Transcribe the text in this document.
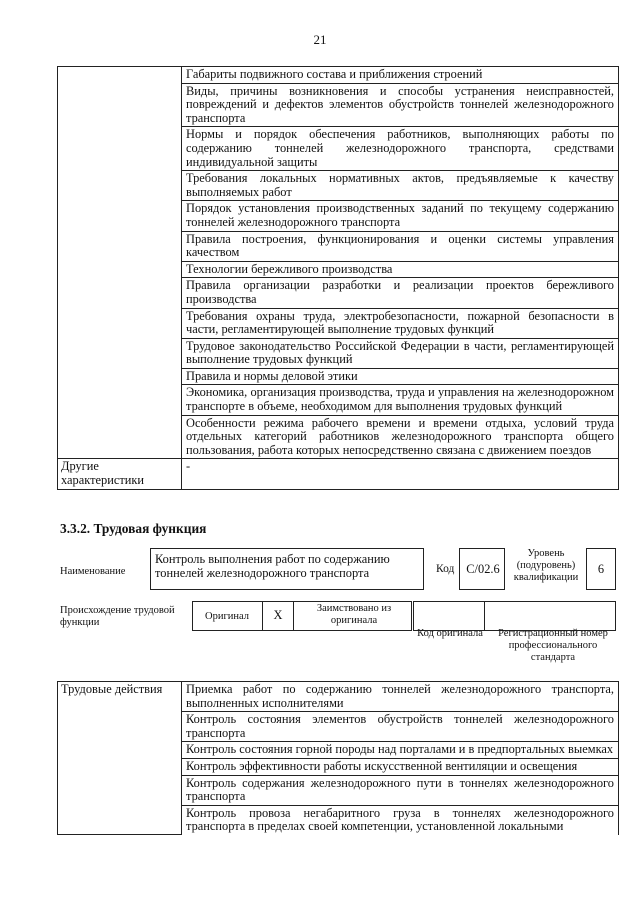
21
	Габариты подвижного состава и приближения строений
	Виды, причины возникновения и способы устранения неисправностей, повреждений и дефектов элементов обустройств тоннелей железнодорожного транспорта
	Нормы и порядок обеспечения работников, выполняющих работы по содержанию тоннелей железнодорожного транспорта, средствами индивидуальной защиты
	Требования локальных нормативных актов, предъявляемые к качеству выполняемых работ
	Порядок установления производственных заданий по текущему содержанию тоннелей железнодорожного транспорта
	Правила построения, функционирования и оценки системы управления качеством
	Технологии бережливого производства
	Правила организации разработки и реализации проектов бережливого производства
	Требования охраны труда, электробезопасности, пожарной безопасности в части, регламентирующей выполнение трудовых функций
	Трудовое законодательство Российской Федерации в части, регламентирующей выполнение трудовых функций
	Правила и нормы деловой этики
	Экономика, организация производства, труда и управления на железнодорожном транспорте в объеме, необходимом для выполнения трудовых функций
	Особенности режима рабочего времени и времени отдыха, условий труда отдельных категорий работников железнодорожного транспорта общего пользования, работа которых непосредственно связана с движением поездов
Другие характеристики	-
3.3.2. Трудовая функция
Наименование
Контроль выполнения работ по содержанию тоннелей железнодорожного транспорта	Код C/02.6
Уровень (подуровень) квалификации
6
Происхождение трудовой функции
Оригинал	X	Заимствовано из оригинала
Код оригинала	Регистрационный номер профессионального стандарта
Трудовые действия	Приемка работ по содержанию тоннелей железнодорожного транспорта, выполненных исполнителями
Контроль состояния элементов обустройств тоннелей железнодорожного транспорта
Контроль состояния горной породы над порталами и в предпортальных выемках
Контроль эффективности работы искусственной вентиляции и освещения
Контроль содержания железнодорожного пути в тоннелях железнодорожного транспорта
Контроль провоза негабаритного груза в тоннелях железнодорожного транспорта в пределах своей компетенции, установленной локальными
